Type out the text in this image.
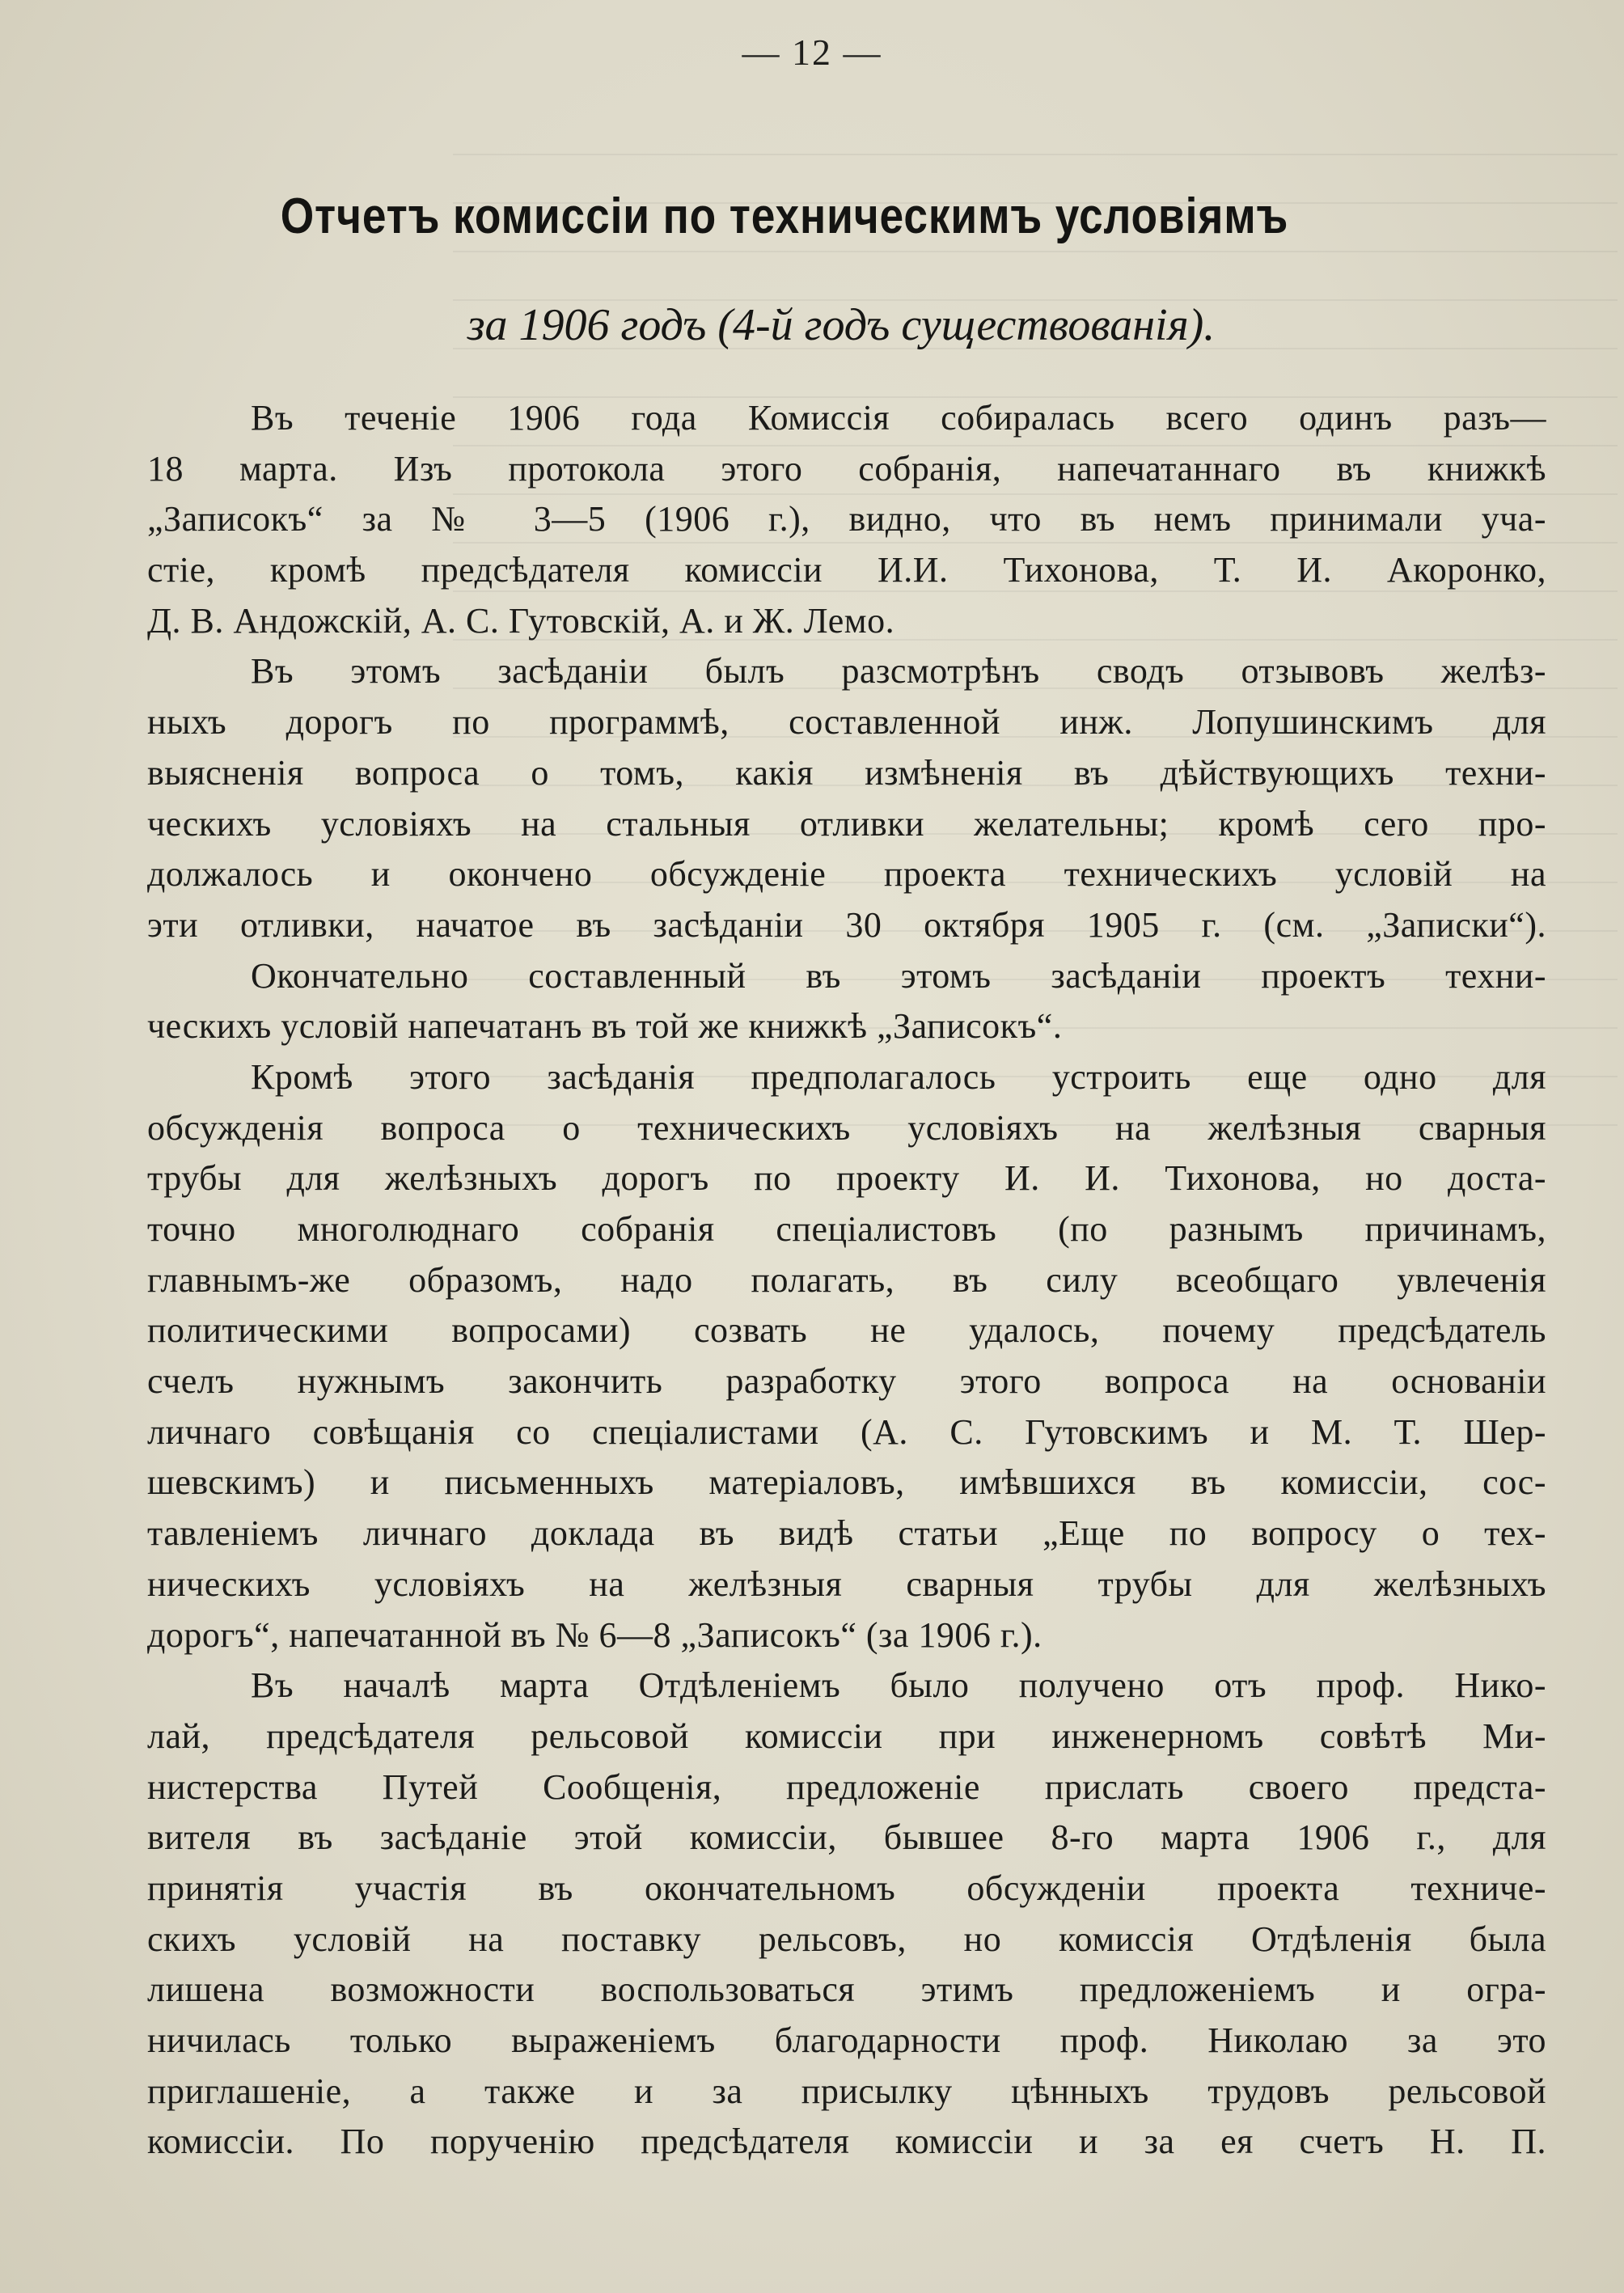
— 12 —
Отчетъ комиссіи по техническимъ условіямъ
за 1906 годъ (4-й годъ существованія).
Въ теченіе 1906 года Комиссія собиралась всего одинъ разъ—
18 марта. Изъ протокола этого собранія, напечатаннаго въ книжкѣ
„Записокъ“ за № 3—5 (1906 г.), видно, что въ немъ принимали уча-
стіе, кромѣ предсѣдателя комиссіи И.И. Тихонова, Т. И. Акоронко,
Д. В. Андожскій, А. С. Гутовскій, А. и Ж. Лемо.
Въ этомъ засѣданіи былъ разсмотрѣнъ сводъ отзывовъ желѣз-
ныхъ дорогъ по программѣ, составленной инж. Лопушинскимъ для
выясненія вопроса о томъ, какія измѣненія въ дѣйствующихъ техни-
ческихъ условіяхъ на стальныя отливки желательны; кромѣ сего про-
должалось и окончено обсужденіе проекта техническихъ условій на
эти отливки, начатое въ засѣданіи 30 октября 1905 г. (см. „Записки“).
Окончательно составленный въ этомъ засѣданіи проектъ техни-
ческихъ условій напечатанъ въ той же книжкѣ „Записокъ“.
Кромѣ этого засѣданія предполагалось устроить еще одно для
обсужденія вопроса о техническихъ условіяхъ на желѣзныя сварныя
трубы для желѣзныхъ дорогъ по проекту И. И. Тихонова, но доста-
точно многолюднаго собранія спеціалистовъ (по разнымъ причинамъ,
главнымъ-же образомъ, надо полагать, въ силу всеобщаго увлеченія
политическими вопросами) созвать не удалось, почему предсѣдатель
счелъ нужнымъ закончить разработку этого вопроса на основаніи
личнаго совѣщанія со спеціалистами (А. С. Гутовскимъ и М. Т. Шер-
шевскимъ) и письменныхъ матеріаловъ, имѣвшихся въ комиссіи, сос-
тавленіемъ личнаго доклада въ видѣ статьи „Еще по вопросу о тех-
ническихъ условіяхъ на желѣзныя сварныя трубы для желѣзныхъ
дорогъ“, напечатанной въ № 6—8 „Записокъ“ (за 1906 г.).
Въ началѣ марта Отдѣленіемъ было получено отъ проф. Нико-
лай, предсѣдателя рельсовой комиссіи при инженерномъ совѣтѣ Ми-
нистерства Путей Сообщенія, предложеніе прислать своего предста-
вителя въ засѣданіе этой комиссіи, бывшее 8-го марта 1906 г., для
принятія участія въ окончательномъ обсужденіи проекта техниче-
скихъ условій на поставку рельсовъ, но комиссія Отдѣленія была
лишена возможности воспользоваться этимъ предложеніемъ и огра-
ничилась только выраженіемъ благодарности проф. Николаю за это
приглашеніе, а также и за присылку цѣнныхъ трудовъ рельсовой
комиссіи. По порученію предсѣдателя комиссіи и за ея счетъ Н. П.
